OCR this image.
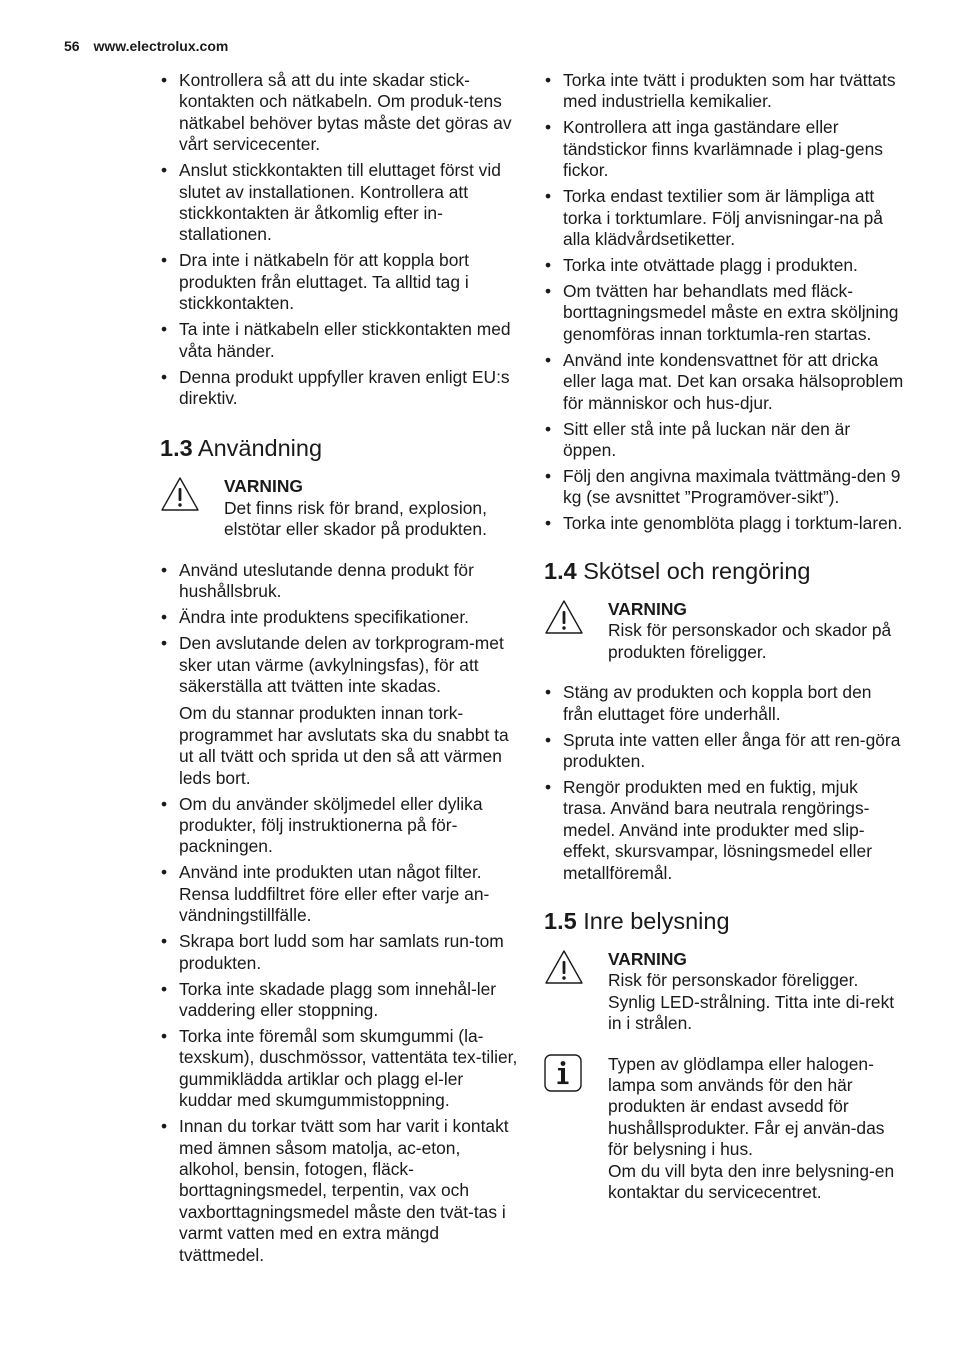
56 www.electrolux.com
• Kontrollera så att du inte skadar stick-kontakten och nätkabeln. Om produk-tens nätkabel behöver bytas måste det göras av vårt servicecenter.
• Anslut stickkontakten till eluttaget först vid slutet av installationen. Kontrollera att stickkontakten är åtkomlig efter in-stallationen.
• Dra inte i nätkabeln för att koppla bort produkten från eluttaget. Ta alltid tag i stickkontakten.
• Ta inte i nätkabeln eller stickkontakten med våta händer.
• Denna produkt uppfyller kraven enligt EU:s direktiv.
1.3 Användning
VARNING
Det finns risk för brand, explosion, elstötar eller skador på produkten.
• Använd uteslutande denna produkt för hushållsbruk.
• Ändra inte produktens specifikationer.
• Den avslutande delen av torkprogram-met sker utan värme (avkylningsfas), för att säkerställa att tvätten inte skadas.
Om du stannar produkten innan tork-programmet har avslutats ska du snabbt ta ut all tvätt och sprida ut den så att värmen leds bort.
• Om du använder sköljmedel eller dylika produkter, följ instruktionerna på för-packningen.
• Använd inte produkten utan något filter. Rensa luddfiltret före eller efter varje an-vändningstillfälle.
• Skrapa bort ludd som har samlats run-tom produkten.
• Torka inte skadade plagg som innehål-ler vaddering eller stoppning.
• Torka inte föremål som skumgummi (la-texskum), duschmössor, vattentäta tex-tilier, gummiklädda artiklar och plagg el-ler kuddar med skumgummistoppning.
• Innan du torkar tvätt som har varit i kontakt med ämnen såsom matolja, ac-eton, alkohol, bensin, fotogen, fläck-borttagningsmedel, terpentin, vax och vaxborttagningsmedel måste den tvät-tas i varmt vatten med en extra mängd tvättmedel.
• Torka inte tvätt i produkten som har tvättats med industriella kemikalier.
• Kontrollera att inga gaständare eller tändstickor finns kvarlämnade i plag-gens fickor.
• Torka endast textilier som är lämpliga att torka i torktumlare. Följ anvisningar-na på alla klädvårdsetiketter.
• Torka inte otvättade plagg i produkten.
• Om tvätten har behandlats med fläck-borttagningsmedel måste en extra sköljning genomföras innan torktumla-ren startas.
• Använd inte kondensvattnet för att dricka eller laga mat. Det kan orsaka hälsoproblem för människor och hus-djur.
• Sitt eller stå inte på luckan när den är öppen.
• Följ den angivna maximala tvättmäng-den 9 kg (se avsnittet ”Programöver-sikt”).
• Torka inte genomblöta plagg i torktum-laren.
1.4 Skötsel och rengöring
VARNING
Risk för personskador och skador på produkten föreligger.
• Stäng av produkten och koppla bort den från eluttaget före underhåll.
• Spruta inte vatten eller ånga för att ren-göra produkten.
• Rengör produkten med en fuktig, mjuk trasa. Använd bara neutrala rengörings-medel. Använd inte produkter med slip-effekt, skursvampar, lösningsmedel eller metallföremål.
1.5 Inre belysning
VARNING
Risk för personskador föreligger. Synlig LED-strålning. Titta inte di-rekt in i strålen.
Typen av glödlampa eller halogen-lampa som används för den här produkten är endast avsedd för hushållsprodukter. Får ej använ-das för belysning i hus.
Om du vill byta den inre belysning-en kontaktar du servicecentret.
